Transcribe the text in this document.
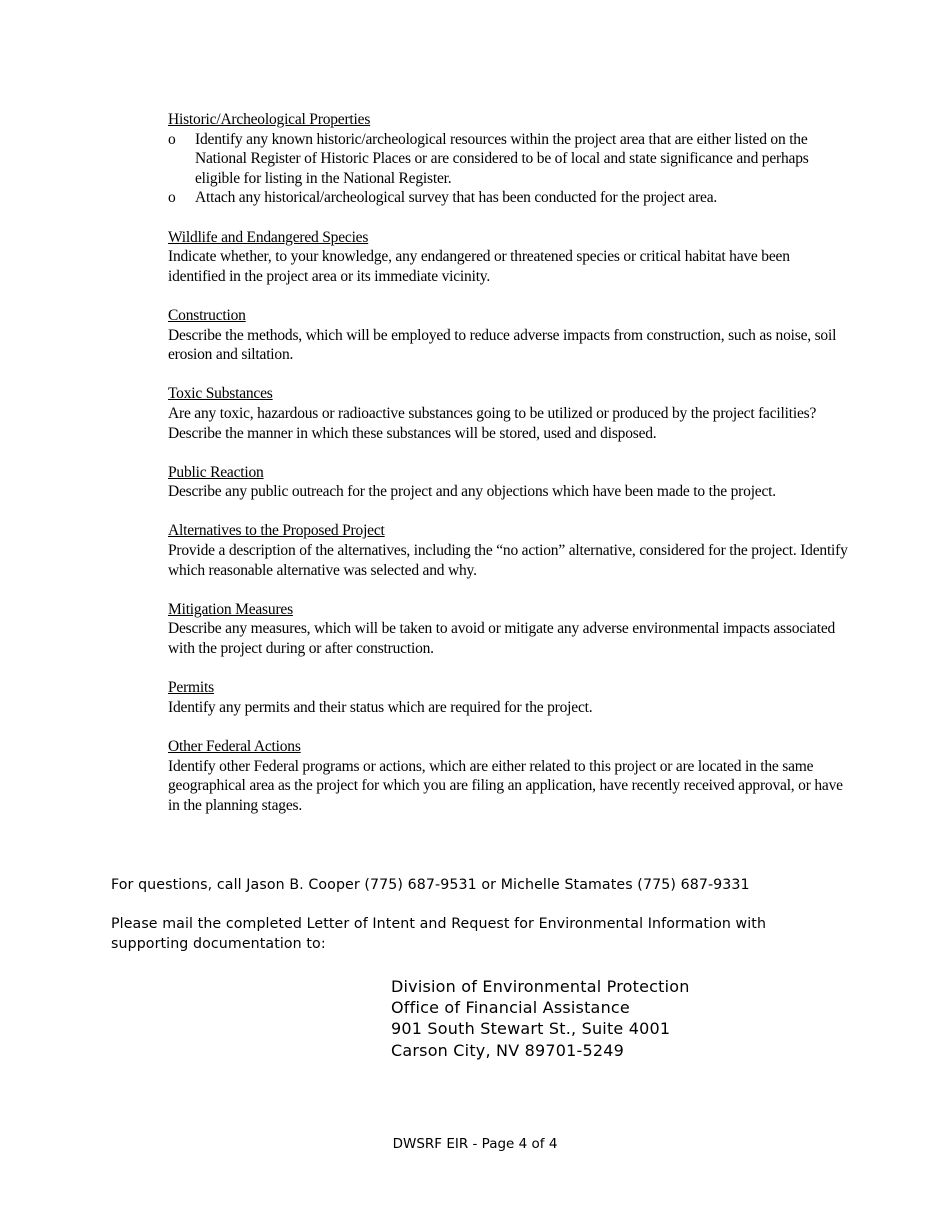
Historic/Archeological Properties
o Identify any known historic/archeological resources within the project area that are either listed on the National Register of Historic Places or are considered to be of local and state significance and perhaps eligible for listing in the National Register.
o Attach any historical/archeological survey that has been conducted for the project area.
Wildlife and Endangered Species
Indicate whether, to your knowledge, any endangered or threatened species or critical habitat have been identified in the project area or its immediate vicinity.
Construction
Describe the methods, which will be employed to reduce adverse impacts from construction, such as noise, soil erosion and siltation.
Toxic Substances
Are any toxic, hazardous or radioactive substances going to be utilized or produced by the project facilities? Describe the manner in which these substances will be stored, used and disposed.
Public Reaction
Describe any public outreach for the project and any objections which have been made to the project.
Alternatives to the Proposed Project
Provide a description of the alternatives, including the “no action” alternative, considered for the project. Identify which reasonable alternative was selected and why.
Mitigation Measures
Describe any measures, which will be taken to avoid or mitigate any adverse environmental impacts associated with the project during or after construction.
Permits
Identify any permits and their status which are required for the project.
Other Federal Actions
Identify other Federal programs or actions, which are either related to this project or are located in the same geographical area as the project for which you are filing an application, have recently received approval, or have in the planning stages.
For questions, call Jason B. Cooper (775) 687-9531 or Michelle Stamates (775) 687-9331
Please mail the completed Letter of Intent and Request for Environmental Information with supporting documentation to:
Division of Environmental Protection
Office of Financial Assistance
901 South Stewart St., Suite 4001
Carson City, NV 89701-5249
DWSRF EIR - Page 4 of 4
